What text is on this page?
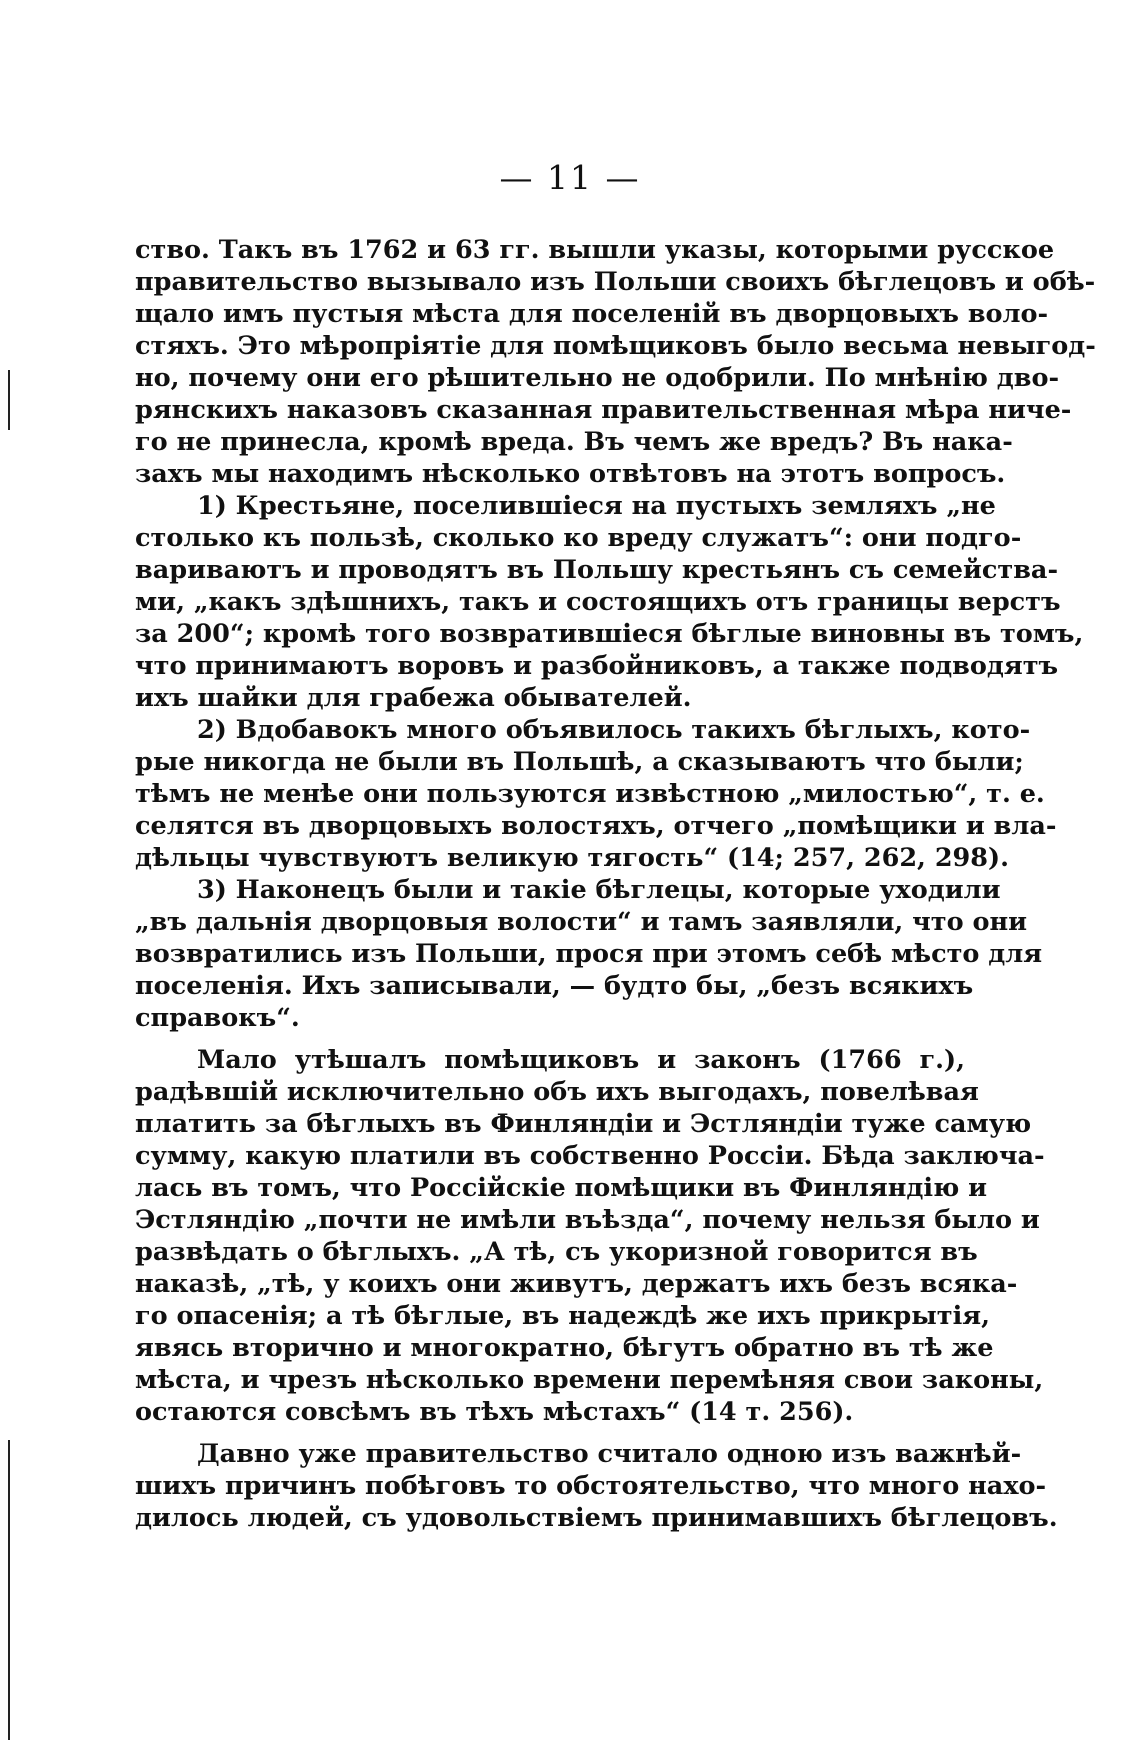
— 11 —
ство. Такъ въ 1762 и 63 гг. вышли указы, которыми русское
правительство вызывало изъ Польши своихъ бѣглецовъ и обѣ-
щало имъ пустыя мѣста для поселеній въ дворцовыхъ воло-
стяхъ. Это мѣропріятіе для помѣщиковъ было весьма невыгод-
но, почему они его рѣшительно не одобрили. По мнѣнію дво-
рянскихъ наказовъ сказанная правительственная мѣра ниче-
го не принесла, кромѣ вреда. Въ чемъ же вредъ? Въ нака-
захъ мы находимъ нѣсколько отвѣтовъ на этотъ вопросъ.
1) Крестьяне, поселившіеся на пустыхъ земляхъ „не
столько къ пользѣ, сколько ко вреду служатъ“: они подго-
вариваютъ и проводятъ въ Польшу крестьянъ съ семейства-
ми, „какъ здѣшнихъ, такъ и состоящихъ отъ границы верстъ
за 200“; кромѣ того возвратившіеся бѣглые виновны въ томъ,
что принимаютъ воровъ и разбойниковъ, а также подводятъ
ихъ шайки для грабежа обывателей.
2) Вдобавокъ много объявилось такихъ бѣглыхъ, кото-
рые никогда не были въ Польшѣ, а сказываютъ что были;
тѣмъ не менѣе они пользуются извѣстною „милостью“, т. е.
селятся въ дворцовыхъ волостяхъ, отчего „помѣщики и вла-
дѣльцы чувствуютъ великую тягость“ (14; 257, 262, 298).
3) Наконецъ были и такіе бѣглецы, которые уходили
„въ дальнія дворцовыя волости“ и тамъ заявляли, что они
возвратились изъ Польши, прося при этомъ себѣ мѣсто для
поселенія. Ихъ записывали, — будто бы, „безъ всякихъ
справокъ“.
Мало утѣшалъ помѣщиковъ и законъ (1766 г.),
радѣвшій исключительно объ ихъ выгодахъ, повелѣвая
платить за бѣглыхъ въ Финляндіи и Эстляндіи туже самую
сумму, какую платили въ собственно Россіи. Бѣда заключа-
лась въ томъ, что Россійскіе помѣщики въ Финляндію и
Эстляндію „почти не имѣли въѣзда“, почему нельзя было и
развѣдать о бѣглыхъ. „А тѣ, съ укоризной говорится въ
наказѣ, „тѣ, у коихъ они живутъ, держатъ ихъ безъ всяка-
го опасенія; а тѣ бѣглые, въ надеждѣ же ихъ прикрытія,
явясь вторично и многократно, бѣгутъ обратно въ тѣ же
мѣста, и чрезъ нѣсколько времени перемѣняя свои законы,
остаются совсѣмъ въ тѣхъ мѣстахъ“ (14 т. 256).
Давно уже правительство считало одною изъ важнѣй-
шихъ причинъ побѣговъ то обстоятельство, что много нахо-
дилось людей, съ удовольствіемъ принимавшихъ бѣглецовъ.
